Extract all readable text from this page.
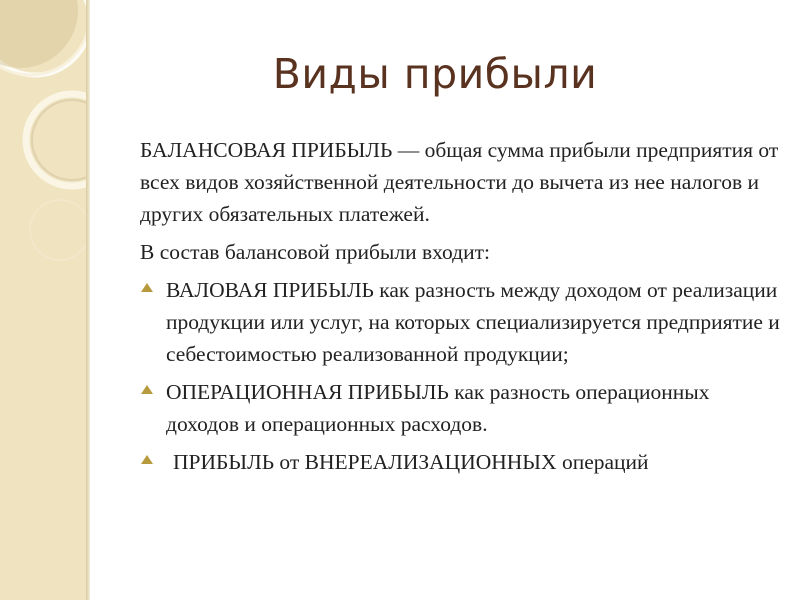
Виды прибыли

БАЛАНСОВАЯ ПРИБЫЛЬ — общая сумма прибыли предприятия от всех видов хозяйственной деятельности до вычета из нее налогов и других обязательных платежей.

В состав балансовой прибыли входит:

ВАЛОВАЯ ПРИБЫЛЬ как разность между доходом от реализации продукции или услуг, на которых специализируется предприятие и себестоимостью реализованной продукции;
ОПЕРАЦИОННАЯ ПРИБЫЛЬ как разность операционных доходов и операционных расходов.
ПРИБЫЛЬ от ВНЕРЕАЛИЗАЦИОННЫХ операций
